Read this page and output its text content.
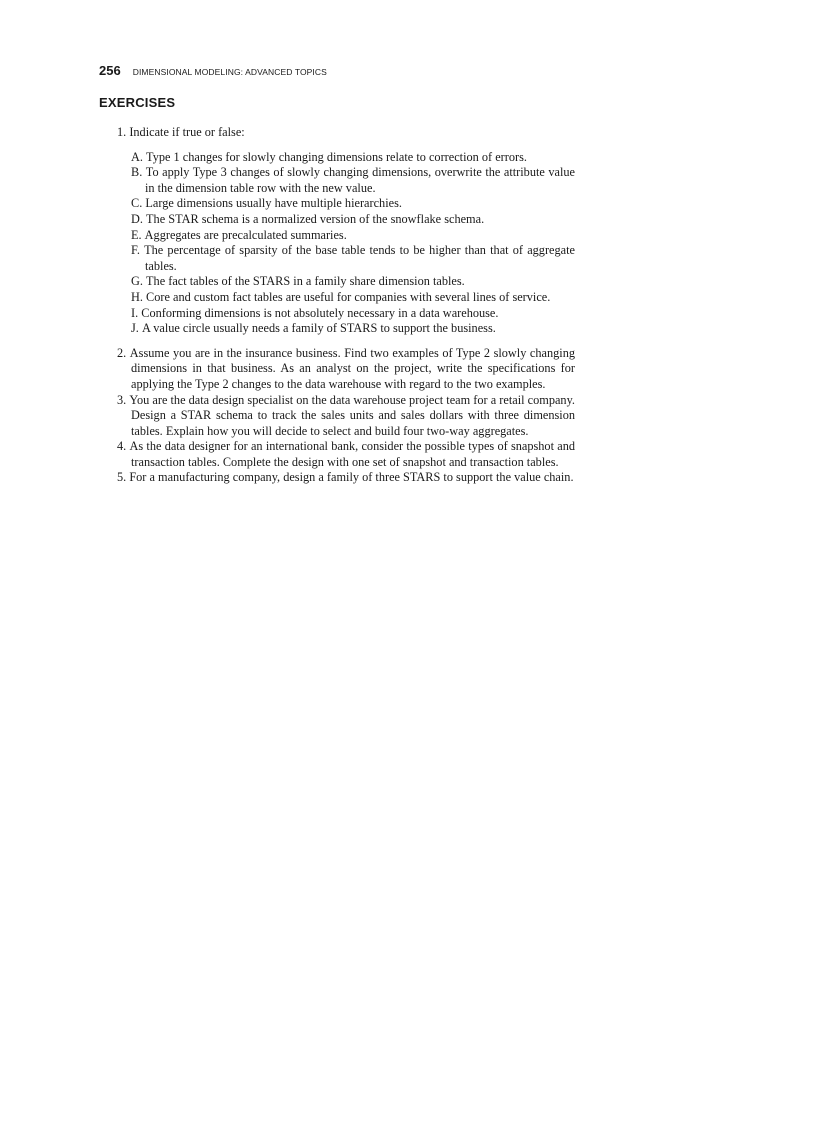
256 DIMENSIONAL MODELING: ADVANCED TOPICS
EXERCISES
1. Indicate if true or false:
A. Type 1 changes for slowly changing dimensions relate to correction of errors.
B. To apply Type 3 changes of slowly changing dimensions, overwrite the attribute value in the dimension table row with the new value.
C. Large dimensions usually have multiple hierarchies.
D. The STAR schema is a normalized version of the snowflake schema.
E. Aggregates are precalculated summaries.
F. The percentage of sparsity of the base table tends to be higher than that of aggregate tables.
G. The fact tables of the STARS in a family share dimension tables.
H. Core and custom fact tables are useful for companies with several lines of service.
I. Conforming dimensions is not absolutely necessary in a data warehouse.
J. A value circle usually needs a family of STARS to support the business.
2. Assume you are in the insurance business. Find two examples of Type 2 slowly changing dimensions in that business. As an analyst on the project, write the specifications for applying the Type 2 changes to the data warehouse with regard to the two examples.
3. You are the data design specialist on the data warehouse project team for a retail company. Design a STAR schema to track the sales units and sales dollars with three dimension tables. Explain how you will decide to select and build four two-way aggregates.
4. As the data designer for an international bank, consider the possible types of snapshot and transaction tables. Complete the design with one set of snapshot and transaction tables.
5. For a manufacturing company, design a family of three STARS to support the value chain.
